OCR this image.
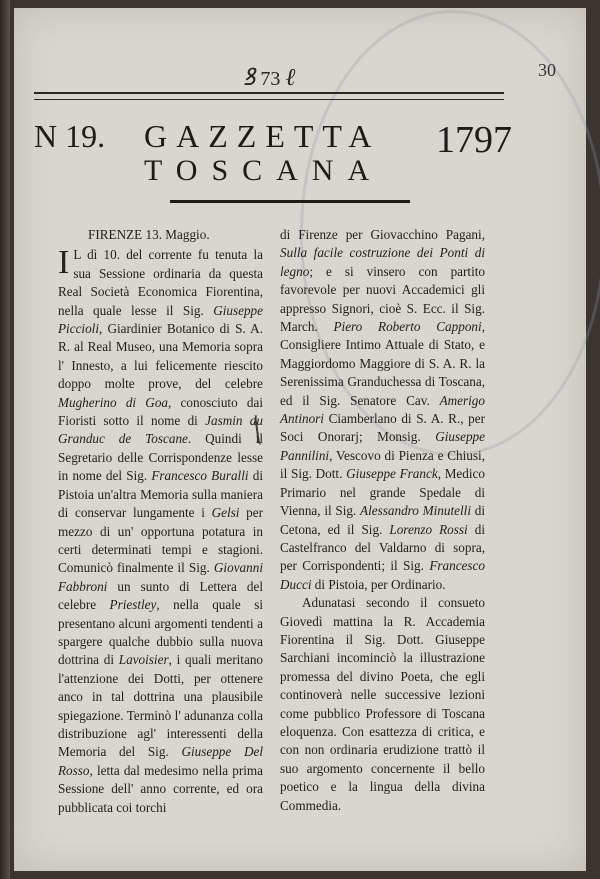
30
ꝸ 73 ℓ
N 19. GAZZETTA 1797
TOSCANA

FIRENZE 13. Maggio.

I L dì 10. del corrente fu tenuta la sua Sessione ordinaria da questa Real Società Economica Fiorentina, nella quale lesse il Sig. Giuseppe Piccioli, Giardinier Botanico di S. A. R. al Real Museo, una Memoria sopra l' Innesto, a lui felicemente riescito doppo molte prove, del celebre Mugherino di Goa, conosciuto dai Fioristi sotto il nome di Jasmin du Granduc de Toscane. Quindi il Segretario delle Corrispondenze lesse in nome del Sig. Francesco Buralli di Pistoia un'altra Memoria sulla maniera di conservar lungamente i Gelsi per mezzo di un' opportuna potatura in certi determinati tempi e stagioni. Comunicò finalmente il Sig. Giovanni Fabbroni un sunto di Lettera del celebre Priestley, nella quale si presentano alcuni argomenti tendenti a spargere qualche dubbio sulla nuova dottrina di Lavoisier, i quali meritano l'attenzione dei Dotti, per ottenere anco in tal dottrina una plausibile spiegazione. Terminò l' adunanza colla distribuzione agl' interessenti della Memoria del Sig. Giuseppe Del Rosso, letta dal medesimo nella prima Sessione dell' anno corrente, ed ora pubblicata coi torchi

di Firenze per Giovacchino Pagani, Sulla facile costruzione dei Ponti di legno; e si vinsero con partito favorevole per nuovi Accademici gli appresso Signori, cioè S. Ecc. il Sig. March. Piero Roberto Capponi, Consigliere Intimo Attuale di Stato, e Maggiordomo Maggiore di S. A. R. la Serenissima Granduchessa di Toscana, ed il Sig. Senatore Cav. Amerigo Antinori Ciamberlano di S. A. R., per Soci Onorarj; Monsig. Giuseppe Pannilini, Vescovo di Pienza e Chiusi, il Sig. Dott. Giuseppe Franck, Medico Primario nel grande Spedale di Vienna, il Sig. Alessandro Minutelli di Cetona, ed il Sig. Lorenzo Rossi di Castelfranco del Valdarno di sopra, per Corrispondenti; il Sig. Francesco Ducci di Pistoia, per Ordinario.

Adunatasi secondo il consueto Giovedì mattina la R. Accademia Fiorentina il Sig. Dott. Giuseppe Sarchiani incominciò la illustrazione promessa del divino Poeta, che egli continoverà nelle successive lezioni come pubblico Professore di Toscana eloquenza. Con esattezza di critica, e con non ordinaria erudizione trattò il suo argomento concernente il bello poetico e la lingua della divina Commedia.
